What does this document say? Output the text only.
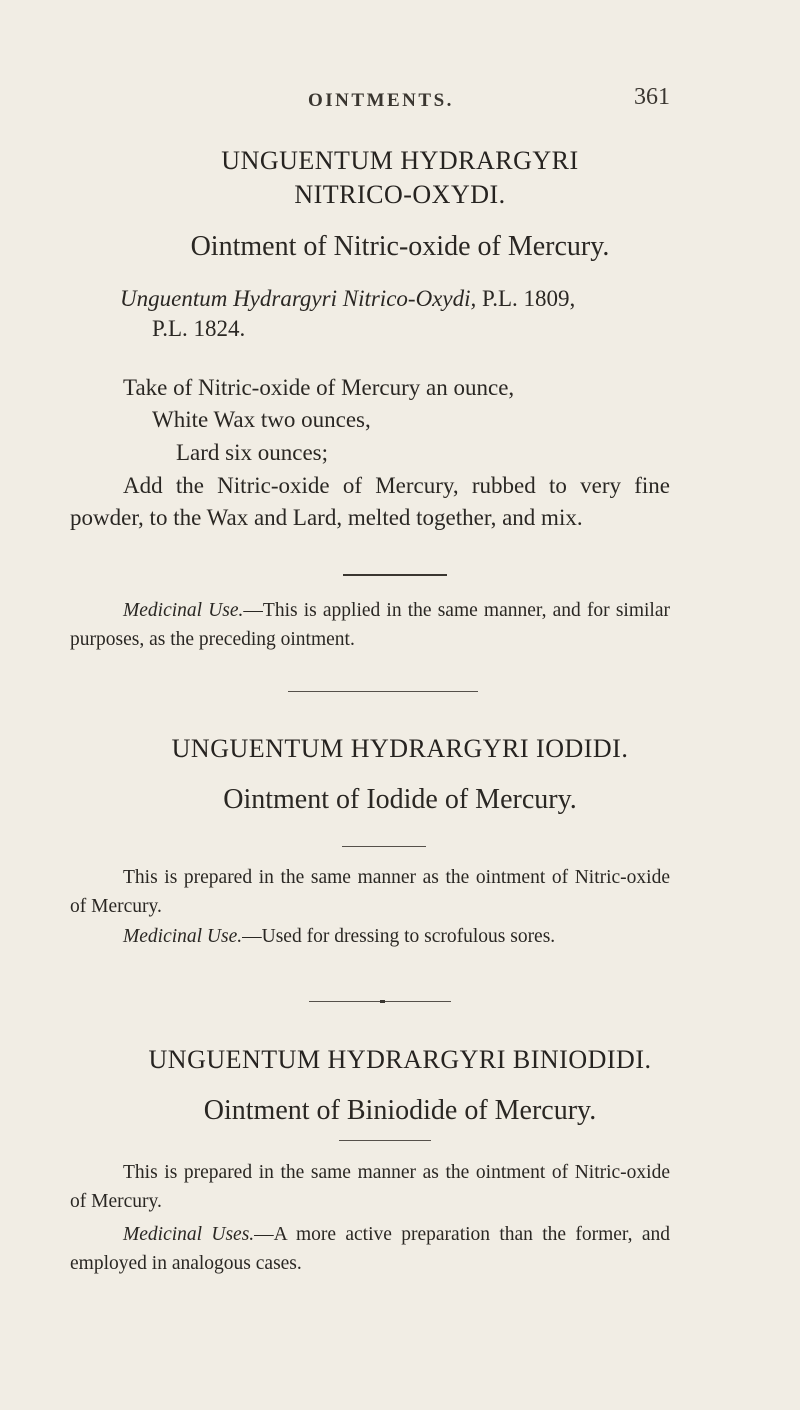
OINTMENTS.	361
UNGUENTUM HYDRARGYRI
NITRICO-OXYDI.
Ointment of Nitric-oxide of Mercury.
Unguentum Hydrargyri Nitrico-Oxydi, P.L. 1809,
P.L. 1824.
Take of Nitric-oxide of Mercury an ounce,
White Wax two ounces,
Lard six ounces;
Add the Nitric-oxide of Mercury, rubbed to very fine powder, to the Wax and Lard, melted together, and mix.
Medicinal Use.—This is applied in the same manner, and for similar purposes, as the preceding ointment.
UNGUENTUM HYDRARGYRI IODIDI.
Ointment of Iodide of Mercury.
This is prepared in the same manner as the ointment of Nitric-oxide of Mercury.
Medicinal Use.—Used for dressing to scrofulous sores.
UNGUENTUM HYDRARGYRI BINIODIDI.
Ointment of Biniodide of Mercury.
This is prepared in the same manner as the ointment of Nitric-oxide of Mercury.
Medicinal Uses.—A more active preparation than the former, and employed in analogous cases.
